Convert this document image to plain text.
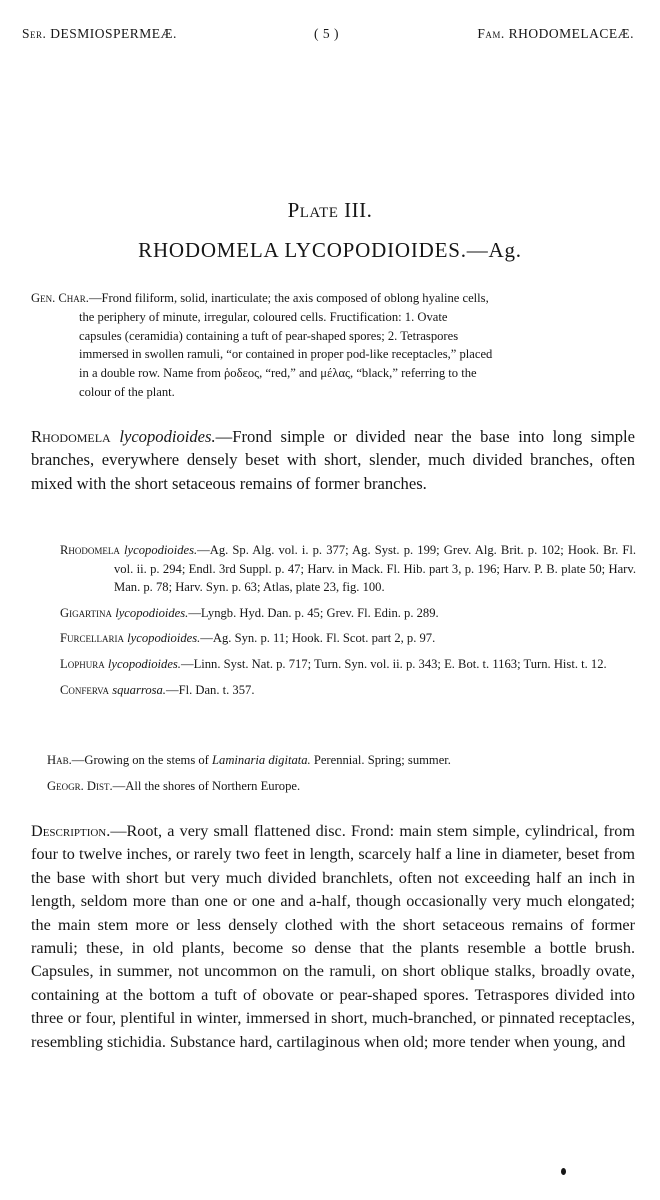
Ser. DESMIOSPERMEÆ.	( 5 )	Fam. RHODOMELACEÆ.
Plate III.
RHODOMELA LYCOPODIOIDES.—Ag.
Gen. Char.—Frond filiform, solid, inarticulate; the axis composed of oblong hyaline cells,
the periphery of minute, irregular, coloured cells. Fructification: 1. Ovate
capsules (ceramidia) containing a tuft of pear-shaped spores; 2. Tetraspores
immersed in swollen ramuli, “or contained in proper pod-like receptacles,” placed
in a double row. Name from ῥοδεος, “red,” and μέλας, “black,” referring to the
colour of the plant.
Rhodomela lycopodioides.—Frond simple or divided near the base into long simple branches, everywhere densely beset with short, slender, much divided branches, often mixed with the short setaceous remains of former branches.

Rhodomela lycopodioides.—Ag. Sp. Alg. vol. i. p. 377; Ag. Syst. p. 199; Grev. Alg. Brit. p. 102; Hook. Br. Fl. vol. ii. p. 294; Endl. 3rd Suppl. p. 47; Harv. in Mack. Fl. Hib. part 3, p. 196; Harv. P. B. plate 50; Harv. Man. p. 78; Harv. Syn. p. 63; Atlas, plate 23, fig. 100.

Gigartina lycopodioides.—Lyngb. Hyd. Dan. p. 45; Grev. Fl. Edin. p. 289.

Furcellaria lycopodioides.—Ag. Syn. p. 11; Hook. Fl. Scot. part 2, p. 97.

Lophura lycopodioides.—Linn. Syst. Nat. p. 717; Turn. Syn. vol. ii. p. 343; E. Bot. t. 1163; Turn. Hist. t. 12.

Conferva squarrosa.—Fl. Dan. t. 357.

Hab.—Growing on the stems of Laminaria digitata. Perennial. Spring; summer.

Geogr. Dist.—All the shores of Northern Europe.

Description.—Root, a very small flattened disc. Frond: main stem simple, cylindrical, from four to twelve inches, or rarely two feet in length, scarcely half a line in diameter, beset from the base with short but very much divided branchlets, often not exceeding half an inch in length, seldom more than one or one and a-half, though occasionally very much elongated; the main stem more or less densely clothed with the short setaceous remains of former ramuli; these, in old plants, become so dense that the plants resemble a bottle brush. Capsules, in summer, not uncommon on the ramuli, on short oblique stalks, broadly ovate, containing at the bottom a tuft of obovate or pear-shaped spores. Tetraspores divided into three or four, plentiful in winter, immersed in short, much-branched, or pinnated receptacles, resembling stichidia. Substance hard, cartilaginous when old; more tender when young, and
